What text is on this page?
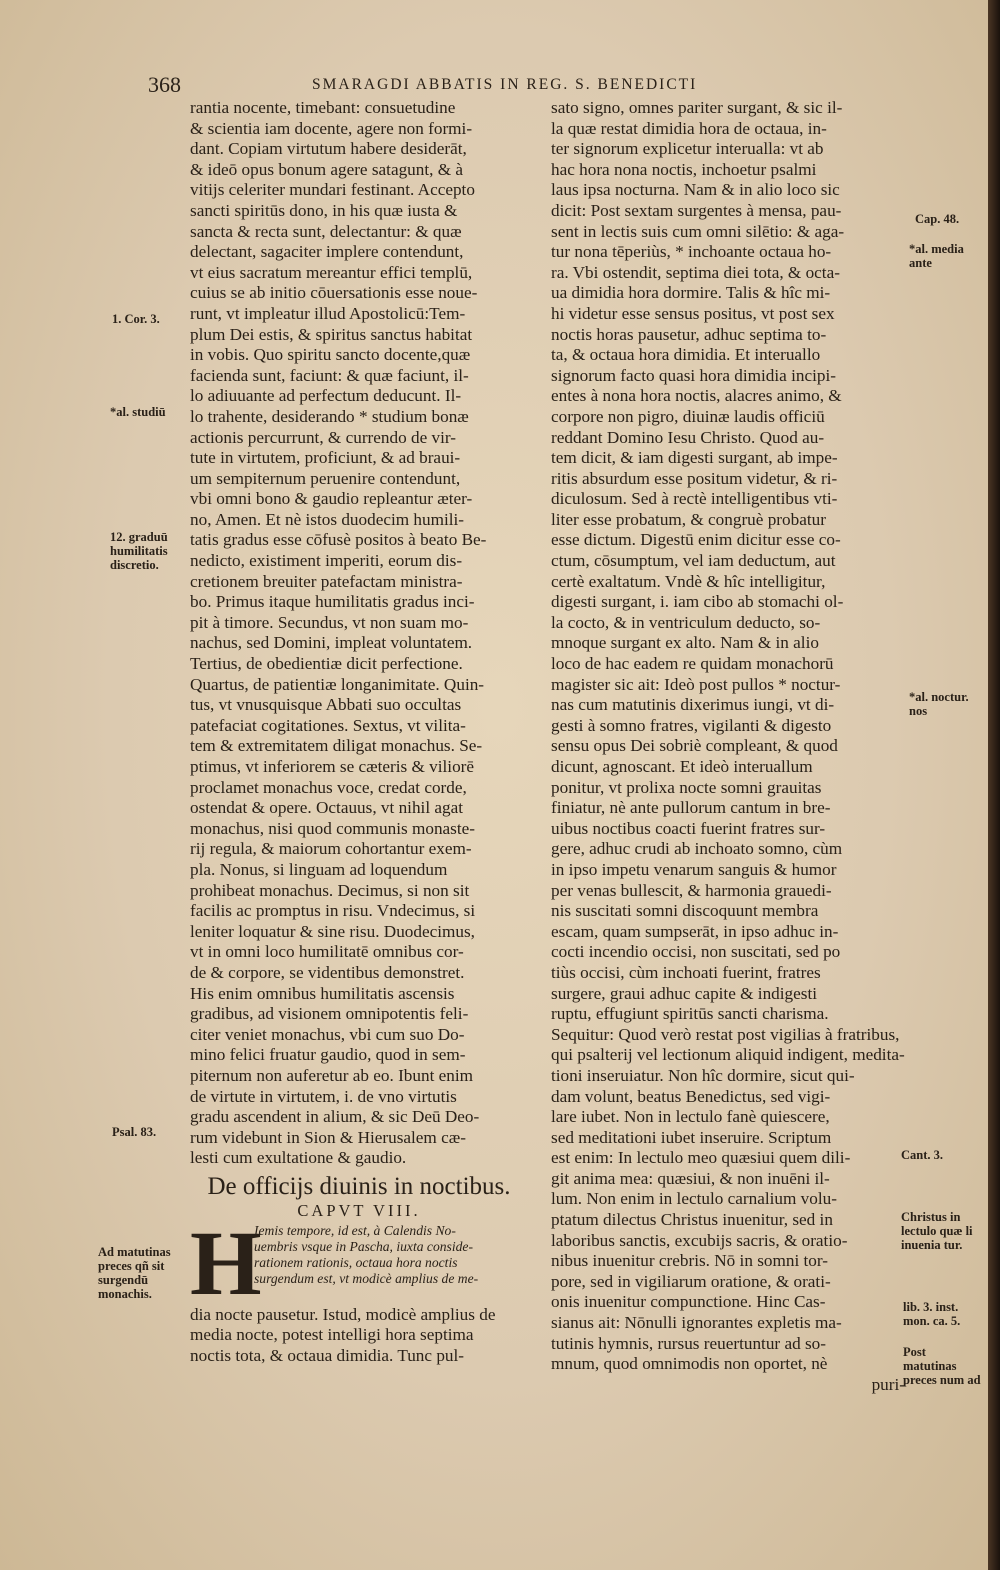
368	SMARAGDI ABBATIS IN REG. S. BENEDICTI
1. Cor. 3.
*al. studiū
12. graduū humilitatis discretio.
Psal. 83.
Ad matutinas preces qñ sit surgendū monachis.
Cap. 48.
*al. media ante
*al. noctur. nos
Cant. 3.
Christus in lectulo quæ li inuenia tur.
lib. 3. inst. mon. ca. 5.
Post matutinas preces num ad
rantia nocente, timebant: consuetudine
& scientia iam docente, agere non formi-
dant. Copiam virtutum habere desiderāt,
& ideō opus bonum agere satagunt, & à
vitijs celeriter mundari festinant. Accepto
sancti spiritūs dono, in his quæ iusta &
sancta & recta sunt, delectantur: & quæ
delectant, sagaciter implere contendunt,
vt eius sacratum mereantur effici templū,
cuius se ab initio cōuersationis esse noue-
runt, vt impleatur illud Apostolicū:Tem-
plum Dei estis, & spiritus sanctus habitat
in vobis. Quo spiritu sancto docente,quæ
facienda sunt, faciunt: & quæ faciunt, il-
lo adiuuante ad perfectum deducunt. Il-
lo trahente, desiderando * studium bonæ
actionis percurrunt, & currendo de vir-
tute in virtutem, proficiunt, & ad braui-
um sempiternum peruenire contendunt,
vbi omni bono & gaudio repleantur æter-
no, Amen. Et nè istos duodecim humili-
tatis gradus esse cōfusè positos à beato Be-
nedicto, existiment imperiti, eorum dis-
cretionem breuiter patefactam ministra-
bo. Primus itaque humilitatis gradus inci-
pit à timore. Secundus, vt non suam mo-
nachus, sed Domini, impleat voluntatem.
Tertius, de obedientiæ dicit perfectione.
Quartus, de patientiæ longanimitate. Quin-
tus, vt vnusquisque Abbati suo occultas
patefaciat cogitationes. Sextus, vt vilita-
tem & extremitatem diligat monachus. Se-
ptimus, vt inferiorem se cæteris & viliorē
proclamet monachus voce, credat corde,
ostendat & opere. Octauus, vt nihil agat
monachus, nisi quod communis monaste-
rij regula, & maiorum cohortantur exem-
pla. Nonus, si linguam ad loquendum
prohibeat monachus. Decimus, si non sit
facilis ac promptus in risu. Vndecimus, si
leniter loquatur & sine risu. Duodecimus,
vt in omni loco humilitatē omnibus cor-
de & corpore, se videntibus demonstret.
His enim omnibus humilitatis ascensis
gradibus, ad visionem omnipotentis feli-
citer veniet monachus, vbi cum suo Do-
mino felici fruatur gaudio, quod in sem-
piternum non auferetur ab eo. Ibunt enim
de virtute in virtutem, i. de vno virtutis
gradu ascendent in alium, & sic Deū Deo-
rum videbunt in Sion & Hierusalem cæ-
lesti cum exultatione & gaudio.
De officijs diuinis in noctibus.
CAPVT VIII.
H
Iemis tempore, id est, à Calendis No-
uembris vsque in Pascha, iuxta conside-
rationem rationis, octaua hora noctis
surgendum est, vt modicè amplius de me-
dia nocte pausetur. Istud, modicè amplius de
media nocte, potest intelligi hora septima
noctis tota, & octaua dimidia. Tunc pul-
sato signo, omnes pariter surgant, & sic il-
la quæ restat dimidia hora de octaua, in-
ter signorum explicetur interualla: vt ab
hac hora nona noctis, inchoetur psalmi
laus ipsa nocturna. Nam & in alio loco sic
dicit: Post sextam surgentes à mensa, pau-
sent in lectis suis cum omni silētio: & aga-
tur nona tēperiùs, * inchoante octaua ho-
ra. Vbi ostendit, septima diei tota, & octa-
ua dimidia hora dormire. Talis & hîc mi-
hi videtur esse sensus positus, vt post sex
noctis horas pausetur, adhuc septima to-
ta, & octaua hora dimidia. Et interuallo
signorum facto quasi hora dimidia incipi-
entes à nona hora noctis, alacres animo, &
corpore non pigro, diuinæ laudis officiū
reddant Domino Iesu Christo. Quod au-
tem dicit, & iam digesti surgant, ab impe-
ritis absurdum esse positum videtur, & ri-
diculosum. Sed à rectè intelligentibus vti-
liter esse probatum, & congruè probatur
esse dictum. Digestū enim dicitur esse co-
ctum, cōsumptum, vel iam deductum, aut
certè exaltatum. Vndè & hîc intelligitur,
digesti surgant, i. iam cibo ab stomachi ol-
la cocto, & in ventriculum deducto, so-
mnoque surgant ex alto. Nam & in alio
loco de hac eadem re quidam monachorū
magister sic ait: Ideò post pullos * noctur-
nas cum matutinis dixerimus iungi, vt di-
gesti à somno fratres, vigilanti & digesto
sensu opus Dei sobriè compleant, & quod
dicunt, agnoscant. Et ideò interuallum
ponitur, vt prolixa nocte somni grauitas
finiatur, nè ante pullorum cantum in bre-
uibus noctibus coacti fuerint fratres sur-
gere, adhuc crudi ab inchoato somno, cùm
in ipso impetu venarum sanguis & humor
per venas bullescit, & harmonia grauedi-
nis suscitati somni discoquunt membra
escam, quam sumpserāt, in ipso adhuc in-
cocti incendio occisi, non suscitati, sed po
tiùs occisi, cùm inchoati fuerint, fratres
surgere, graui adhuc capite & indigesti
ruptu, effugiunt spiritūs sancti charisma.
Sequitur: Quod verò restat post vigilias à fratribus,
qui psalterij vel lectionum aliquid indigent, medita-
tioni inseruiatur. Non hîc dormire, sicut qui-
dam volunt, beatus Benedictus, sed vigi-
lare iubet. Non in lectulo fanè quiescere,
sed meditationi iubet inseruire. Scriptum
est enim: In lectulo meo quæsiui quem dili-
git anima mea: quæsiui, & non inuēni il-
lum. Non enim in lectulo carnalium volu-
ptatum dilectus Christus inuenitur, sed in
laboribus sanctis, excubijs sacris, & oratio-
nibus inuenitur crebris. Nō in somni tor-
pore, sed in vigiliarum oratione, & orati-
onis inuenitur compunctione. Hinc Cas-
sianus ait: Nōnulli ignorantes expletis ma-
tutinis hymnis, rursus reuertuntur ad so-
mnum, quod omnimodis non oportet, nè
puri-
